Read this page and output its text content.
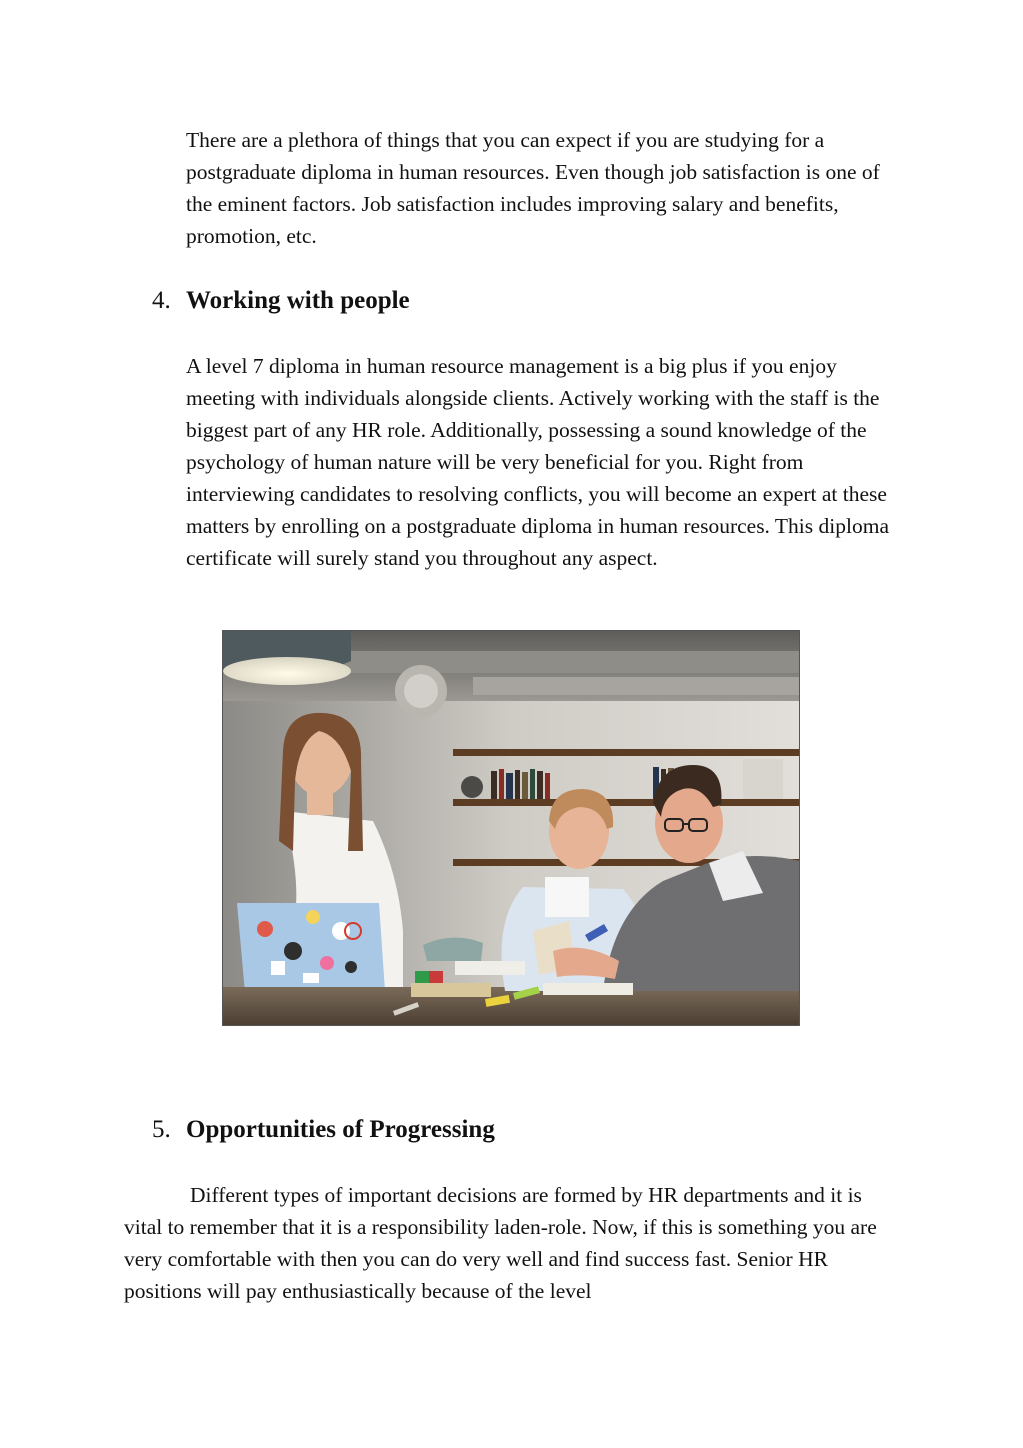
There are a plethora of things that you can expect if you are studying for a postgraduate diploma in human resources. Even though job satisfaction is one of the eminent factors. Job satisfaction includes improving salary and benefits, promotion, etc.

4. Working with people

A level 7 diploma in human resource management is a big plus if you enjoy meeting with individuals alongside clients. Actively working with the staff is the biggest part of any HR role. Additionally, possessing a sound knowledge of the psychology of human nature will be very beneficial for you. Right from interviewing candidates to resolving conflicts, you will become an expert at these matters by enrolling on a postgraduate diploma in human resources. This diploma certificate will surely stand you throughout any aspect.

5. Opportunities of Progressing

Different types of important decisions are formed by HR departments and it is vital to remember that it is a responsibility laden-role. Now, if this is something you are very comfortable with then you can do very well and find success fast. Senior HR positions will pay enthusiastically because of the level
